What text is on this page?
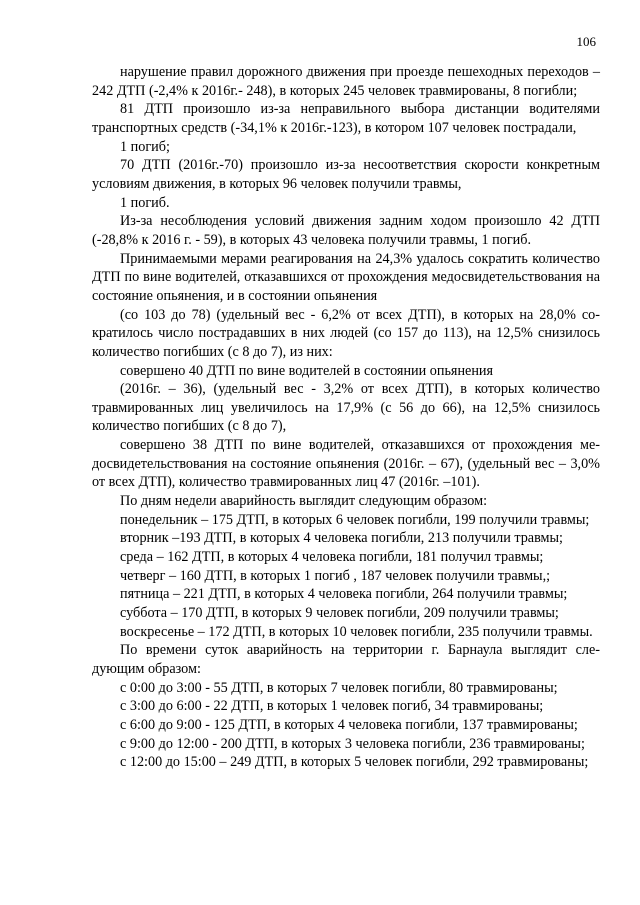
106

нарушение правил дорожного движения при проезде пешеходных переходов – 242 ДТП (-2,4% к 2016г.- 248), в которых 245 человек травмированы, 8 погибли;

81 ДТП произошло из-за неправильного выбора дистанции водителями транспортных средств (-34,1% к 2016г.-123), в котором 107 человек пострадали,

1 погиб;

70 ДТП (2016г.-70) произошло из-за несоответствия скорости конкретным условиям движения, в которых 96 человек получили травмы,

1 погиб.

Из-за несоблюдения условий движения задним ходом произошло 42 ДТП (-28,8% к 2016 г. - 59), в которых 43 человека получили травмы, 1 погиб.

Принимаемыми мерами реагирования на 24,3% удалось сократить количество ДТП по вине водителей, отказавшихся от прохождения медосвидетельствования на состояние опьянения, и в состоянии опьянения

(со 103 до 78) (удельный вес - 6,2% от всех ДТП), в которых на 28,0% сократилось число пострадавших в них людей (со 157 до 113), на 12,5% снизилось количество погибших (с 8 до 7), из них:

совершено 40 ДТП по вине водителей в состоянии опьянения

(2016г. – 36), (удельный вес - 3,2% от всех ДТП), в которых количество травмированных лиц увеличилось на 17,9% (с 56 до 66), на 12,5% снизилось количество погибших (с 8 до 7),

совершено 38 ДТП по вине водителей, отказавшихся от прохождения медосвидетельствования на состояние опьянения (2016г. – 67), (удельный вес – 3,0% от всех ДТП), количество травмированных лиц 47 (2016г. –101).

По дням недели аварийность выглядит следующим образом:

понедельник – 175 ДТП, в которых 6 человек погибли, 199 получили травмы;

вторник –193 ДТП, в которых 4 человека погибли, 213 получили травмы;

среда – 162 ДТП, в которых 4 человека погибли, 181 получил травмы;

четверг – 160 ДТП, в которых 1 погиб , 187 человек получили травмы,;

пятница – 221 ДТП, в которых 4 человека погибли, 264 получили травмы;

суббота – 170 ДТП, в которых 9 человек погибли, 209 получили травмы;

воскресенье – 172 ДТП, в которых 10 человек погибли, 235 получили травмы.

По времени суток аварийность на территории г. Барнаула выглядит следующим образом:

с 0:00 до 3:00 - 55 ДТП, в которых 7 человек погибли, 80 травмированы;

с 3:00 до 6:00 - 22 ДТП, в которых 1 человек погиб, 34 травмированы;

с 6:00 до 9:00 - 125 ДТП, в которых 4 человека погибли, 137 травмированы;

с 9:00 до 12:00 - 200 ДТП, в которых 3 человека погибли, 236 травмированы;

с 12:00 до 15:00 – 249 ДТП, в которых 5 человек погибли, 292 травмированы;
